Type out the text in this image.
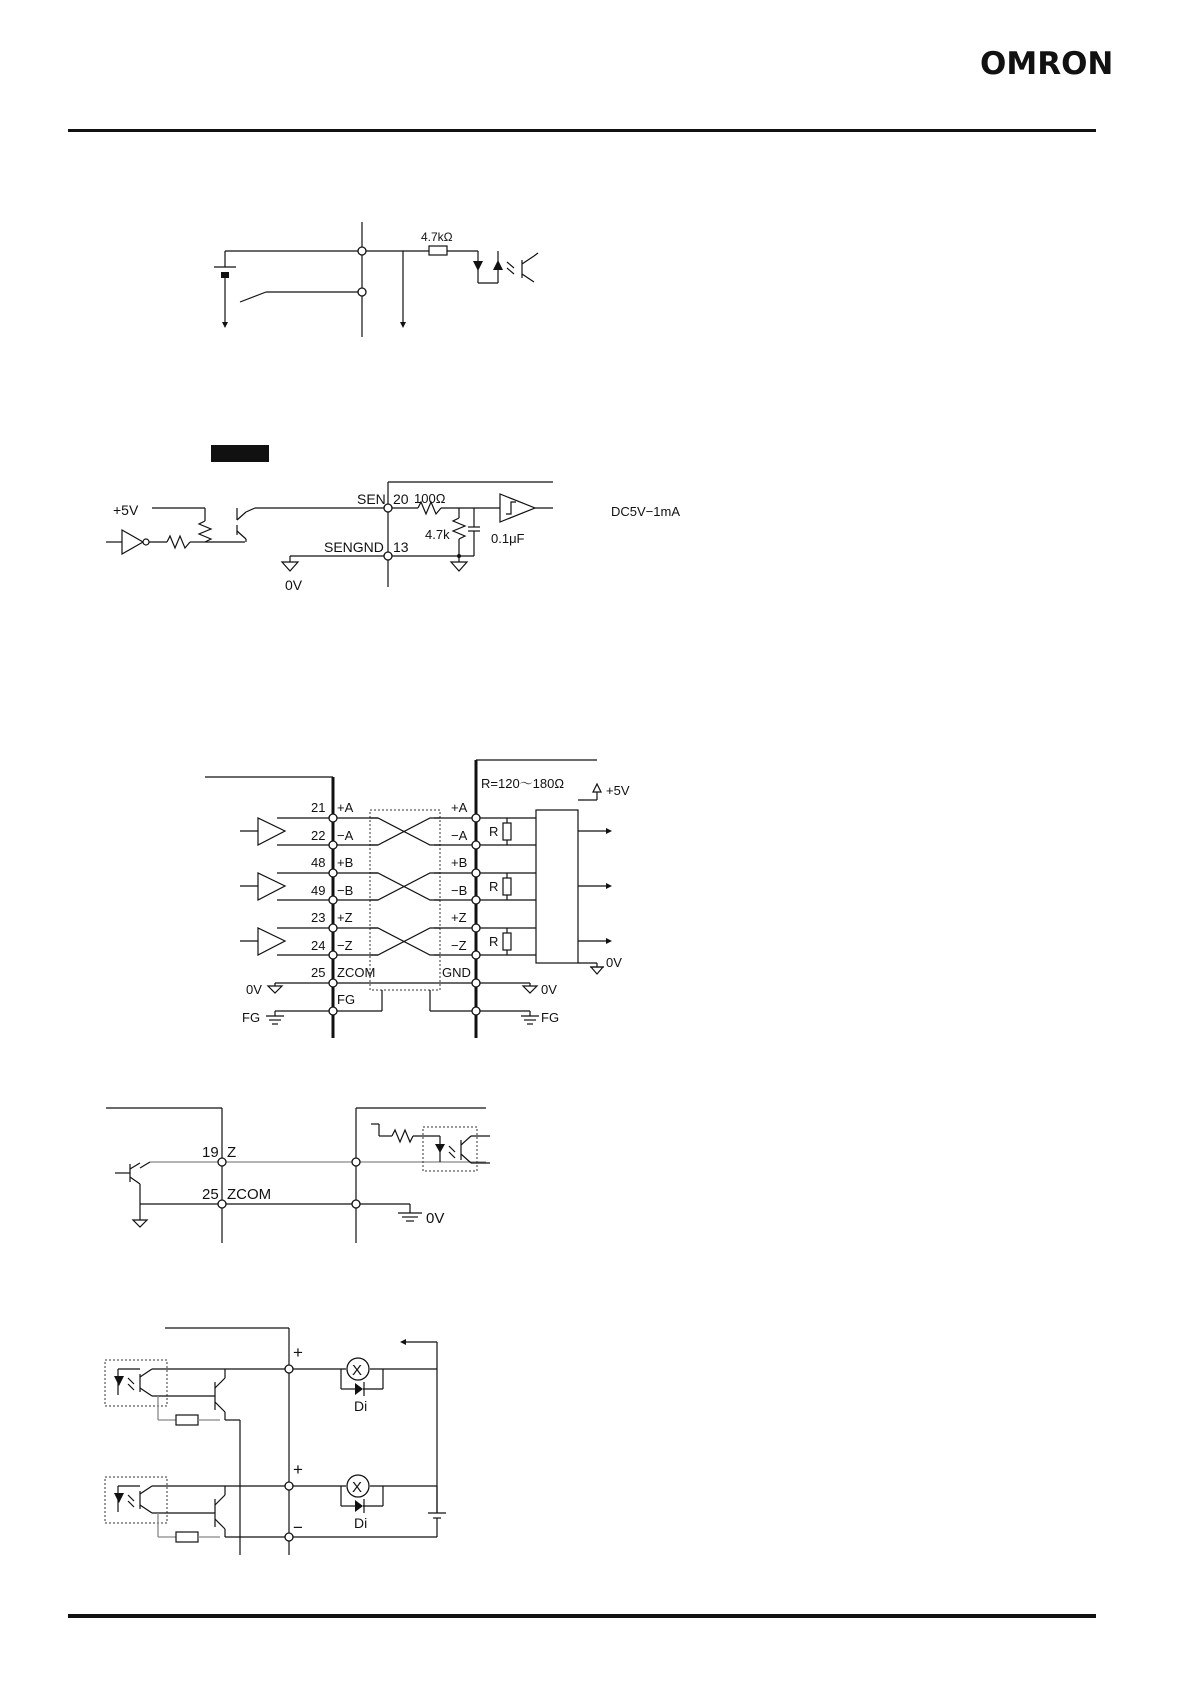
OMRON
4.7kΩ
+5V
SEN 20 100Ω
4.7k	0.1μF
SENGND 13
0V
DC5V−1mA
R=120～180Ω	+5V
21 +A	+A
22 −A	−A
48 +B	+B
49 −B	−B
23 +Z	+Z
24 −Z	−Z
R
R
R
25 ZCOM	GND
FG
0V	0V
0V
FG	FG
19 Z
25 ZCOM
0V
+
+
−
X
X
Di
Di
